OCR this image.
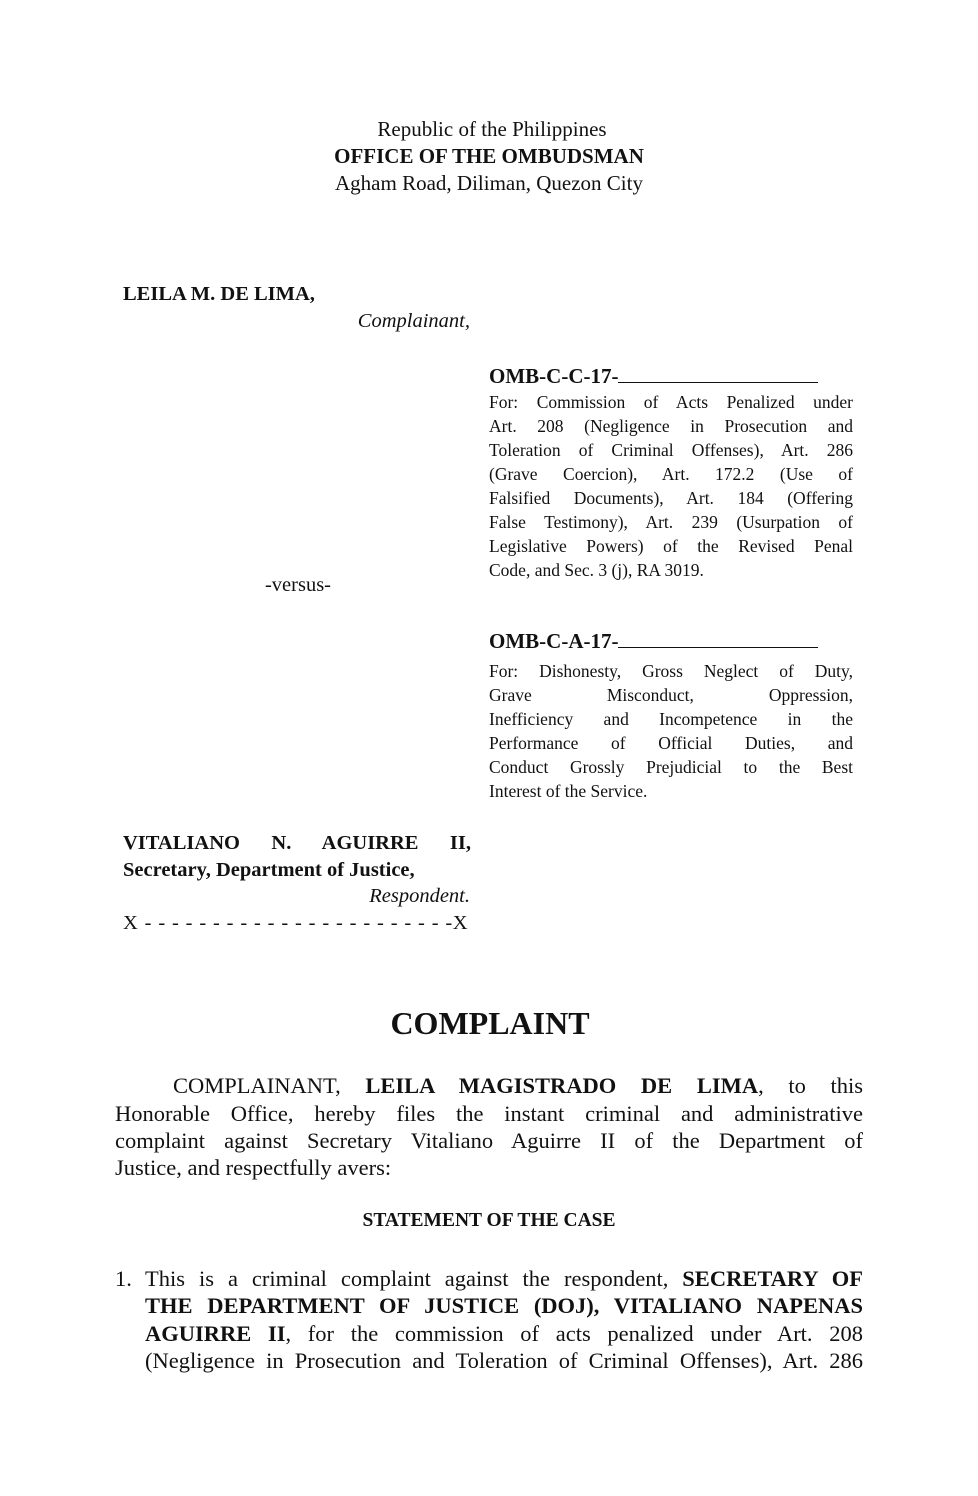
Republic of the Philippines
OFFICE OF THE OMBUDSMAN
Agham Road, Diliman, Quezon City
LEILA M. DE LIMA,
Complainant,
OMB-C-C-17-
For: Commission of Acts Penalized under
Art. 208 (Negligence in Prosecution and
Toleration of Criminal Offenses), Art. 286
(Grave Coercion), Art. 172.2 (Use of
Falsified Documents), Art. 184 (Offering
False Testimony), Art. 239 (Usurpation of
Legislative Powers) of the Revised Penal
Code, and Sec. 3 (j), RA 3019.
-versus-
OMB-C-A-17-
For: Dishonesty, Gross Neglect of Duty,
Grave Misconduct, Oppression,
Inefficiency and Incompetence in the
Performance of Official Duties, and
Conduct Grossly Prejudicial to the Best
Interest of the Service.
VITALIANO N. AGUIRRE II,
Secretary, Department of Justice,
Respondent.
X - - - - - - - - - - - - - - - - - - - - - - -X
COMPLAINT
COMPLAINANT, LEILA MAGISTRADO DE LIMA, to this
Honorable Office, hereby files the instant criminal and administrative
complaint against Secretary Vitaliano Aguirre II of the Department of
Justice, and respectfully avers:
STATEMENT OF THE CASE
1. This is a criminal complaint against the respondent, SECRETARY OF
THE DEPARTMENT OF JUSTICE (DOJ), VITALIANO NAPENAS
AGUIRRE II, for the commission of acts penalized under Art. 208
(Negligence in Prosecution and Toleration of Criminal Offenses), Art. 286
